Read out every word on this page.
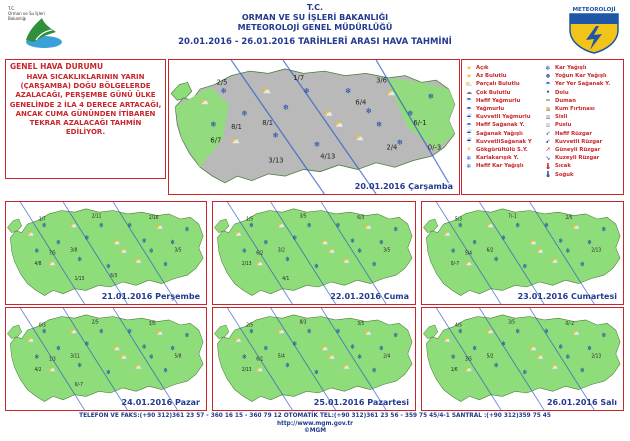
T.C.
Orman ve Su İşleri
Bakanlığı
T.C.
ORMAN VE SU İŞLERİ BAKANLIĞI
METEOROLOJİ GENEL MÜDÜRLÜĞÜ
20.01.2016 - 26.01.2016 TARİHLERİ ARASI HAVA TAHMİNİ
METEOROLOJİ
GENEL HAVA DURUMU
HAVA SICAKLIKLARININ YARIN (ÇARŞAMBA) DOĞU BÖLGELERDE AZALACAĞI, PERŞEMBE GÜNÜ ÜLKE GENELİNDE 2 İLA 4 DERECE ARTACAĞI, ANCAK CUMA GÜNÜNDEN İTİBAREN TEKRAR AZALACAĞI TAHMİN EDİLİYOR.
⛅
❄
❄
⛅
❄
❄
⛅
❄
❄
⛅
❄
❄
⛅
❄
❄
⛅	❄
❄	⛅	❄
2/5
1/7	3/6
8/1
8/1
6/-1
6/7
3/13
4/13
2/4
6/4
0/-3
20.01.2016 Çarşamba
☀ Açık
☀ Az Bulutlu
⛅ Parçalı Bulutlu
☁ Çok Bulutlu
☂ Hafif Yağmurlu
☂ Yağmurlu
☔ Kuvvetli Yağmurlu
☂ Hafif Sağanak Y.
☔ Sağanak Yağışlı
☔ KuvvetliSağanak Y
⚡ Gökgürültülü S.Y.
❄ Karlakarışık Y.
❄ Hafif Kar Yağışlı
❄ Kar Yağışlı
❅ Yoğun Kar Yağışlı
☂ Yer Yer Sağanak Y.
• Dolu
≈ Duman
≋ Kum Fırtınası
≡ Sisli
≡ Puslu
➶ Hafif Rüzgar
➹ Kuvvetli Rüzgar
➚ Güneyli Rüzgar
➘ Kuzeyli Rüzgar
🌡 Sıcak
🌡 Soğuk
⛅
❄
❄
⛅
❄
❄
⛅
❄
❄
⛅
❄
❄
⛅
❄
❄
⛅	❄
❄	⛅	❄
1/7
2/11	2/16
3/8
7/5
3/5
4/8
1/13
6/3
21.01.2016 Perşembe
⛅
❄
❄
⛅
❄
❄
⛅
❄
❄
⛅
❄
❄
⛅
❄
❄
⛅	❄
❄	⛅	❄
1/5
3/5	6/3
3/2
6/2
3/5
2/13
4/1
22.01.2016 Cuma
⛅
❄
❄
⛅
❄
❄
⛅
❄
❄
⛅
❄
❄
⛅
❄
❄
⛅	❄
❄	⛅	❄
5/3
7/-1	2/5
6/2
5/4
2/13
0/-7
23.01.2016 Cumartesi
⛅
❄
❄
⛅
❄
❄
⛅
❄
❄
⛅
❄
❄
⛅
❄
❄
⛅	❄
❄	⛅	❄
0/3
2/5	3/5
3/11
1/3
5/8
4/2
0/-7
24.01.2016 Pazar
⛅
❄
❄
⛅
❄
❄
⛅
❄
❄
⛅
❄
❄
⛅
❄
❄
⛅	❄
❄	⛅	❄
2/5
8/3	3/5
5/4
6/1
2/4
2/13
25.01.2016 Pazartesi
⛅
❄
❄
⛅
❄
❄
⛅
❄
❄
⛅
❄
❄
⛅
❄
❄
⛅	❄
❄	⛅	❄
4/5
3/5	0/-2
5/2
3/5
2/13
1/6
26.01.2016 Salı
TELEFON VE FAKS:(+90 312)361 23 57 - 360 16 15 - 360 79 12 OTOMATİK TEL:(+90 312)361 23 56 - 359 75 45/4-1 SANTRAL :(+90 312)359 75 45
http://www.mgm.gov.tr
©MGM
